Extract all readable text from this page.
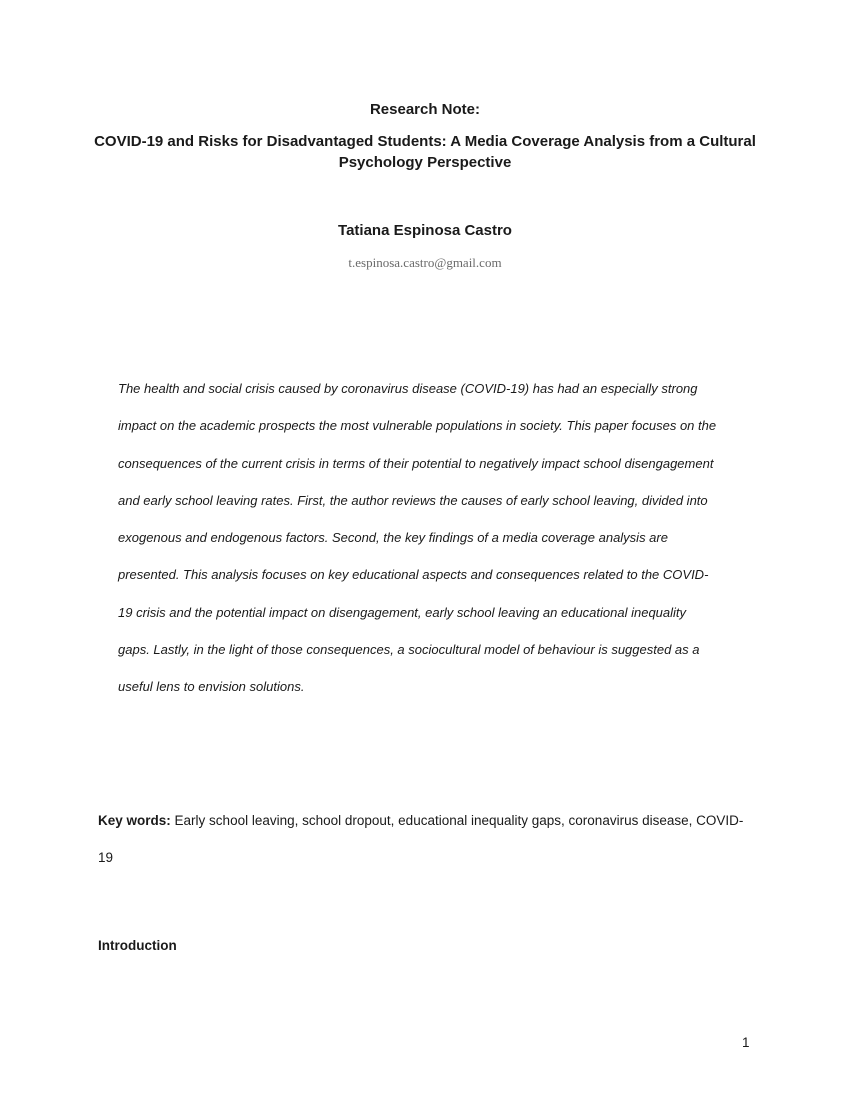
Research Note:
COVID-19 and Risks for Disadvantaged Students: A Media Coverage Analysis from a Cultural Psychology Perspective
Tatiana Espinosa Castro
t.espinosa.castro@gmail.com

The health and social crisis caused by coronavirus disease (COVID-19) has had an especially strong impact on the academic prospects the most vulnerable populations in society. This paper focuses on the consequences of the current crisis in terms of their potential to negatively impact school disengagement and early school leaving rates. First, the author reviews the causes of early school leaving, divided into exogenous and endogenous factors. Second, the key findings of a media coverage analysis are presented. This analysis focuses on key educational aspects and consequences related to the COVID-19 crisis and the potential impact on disengagement, early school leaving an educational inequality gaps. Lastly, in the light of those consequences, a sociocultural model of behaviour is suggested as a useful lens to envision solutions.

Key words: Early school leaving, school dropout, educational inequality gaps, coronavirus disease, COVID-19

Introduction
1
